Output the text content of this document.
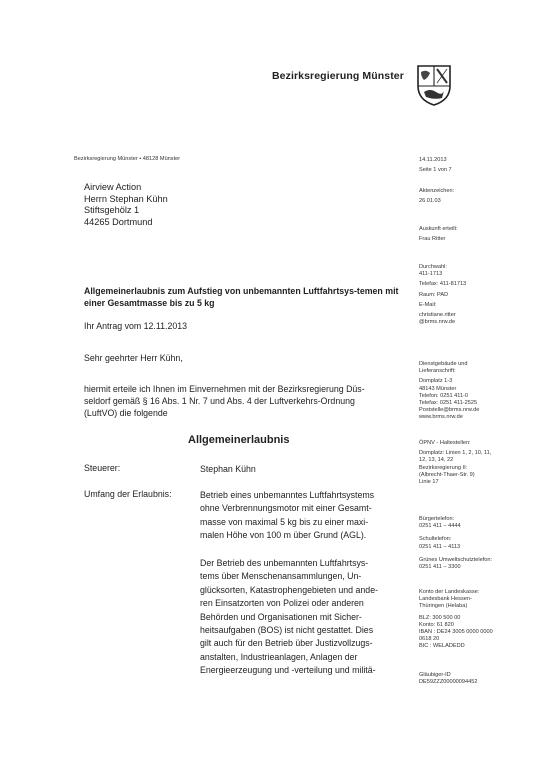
Bezirksregierung Münster
Bezirksregierung Münster • 48128 Münster
Airview Action
Herrn Stephan Kühn
Stiftsgehölz 1
44265 Dortmund
14.11.2013
Seite 1 von 7
Aktenzeichen:
26.01.03
Auskunft erteilt:
Frau Ritter
Durchwahl:
411-1713
Telefax: 411-81713
Raum: PAD
E-Mail:
christiane.ritter
@brms.nrw.de
Dienstgebäude und
Lieferanschrift:
Domplatz 1-3
48143 Münster
Telefon: 0251 411-0
Telefax: 0251 411-2525
Poststelle@brms.nrw.de
www.brms.nrw.de
ÖPNV - Haltestellen:
Domplatz: Linien 1, 2, 10, 11,
12, 13, 14, 22
Bezirksregierung II:
(Albrecht-Thaer-Str. 9)
Linie 17
Bürgertelefon:
0251 411 – 4444
Schultelefon:
0251 411 – 4113
Grünes Umweltschutztelefon:
0251 411 – 3300
Konto der Landeskasse:
Landesbank Hessen-
Thüringen (Helaba)
BLZ: 300 500 00
Konto: 61 820
IBAN : DE24 3005 0000 0000
0618 20
BIC : WELADEDD
Gläubiger-ID
DE59ZZZ00000094452
Allgemeinerlaubnis zum Aufstieg von unbemannten Luftfahrtsys-temen mit einer Gesamtmasse bis zu 5 kg
Ihr Antrag vom 12.11.2013
Sehr geehrter Herr Kühn,
hiermit erteile ich Ihnen im Einvernehmen mit der Bezirksregierung Düs-
seldorf gemäß § 16 Abs. 1 Nr. 7 und Abs. 4 der Luftverkehrs-Ordnung
(LuftVO) die folgende
Allgemeinerlaubnis
Steuerer:	Stephan Kühn
Umfang der Erlaubnis:	Betrieb eines unbemanntes Luftfahrtsystems
ohne Verbrennungsmotor mit einer Gesamt-
masse von maximal 5 kg bis zu einer maxi-
malen Höhe von 100 m über Grund (AGL).
Der Betrieb des unbemannten Luftfahrtsys-
tems über Menschenansammlungen, Un-
glücksorten, Katastrophengebieten und ande-
ren Einsatzorten von Polizei oder anderen
Behörden und Organisationen mit Sicher-
heitsaufgaben (BOS) ist nicht gestattet. Dies
gilt auch für den Betrieb über Justizvollzugs-
anstalten, Industrieanlagen, Anlagen der
Energieerzeugung und -verteilung und militä-
